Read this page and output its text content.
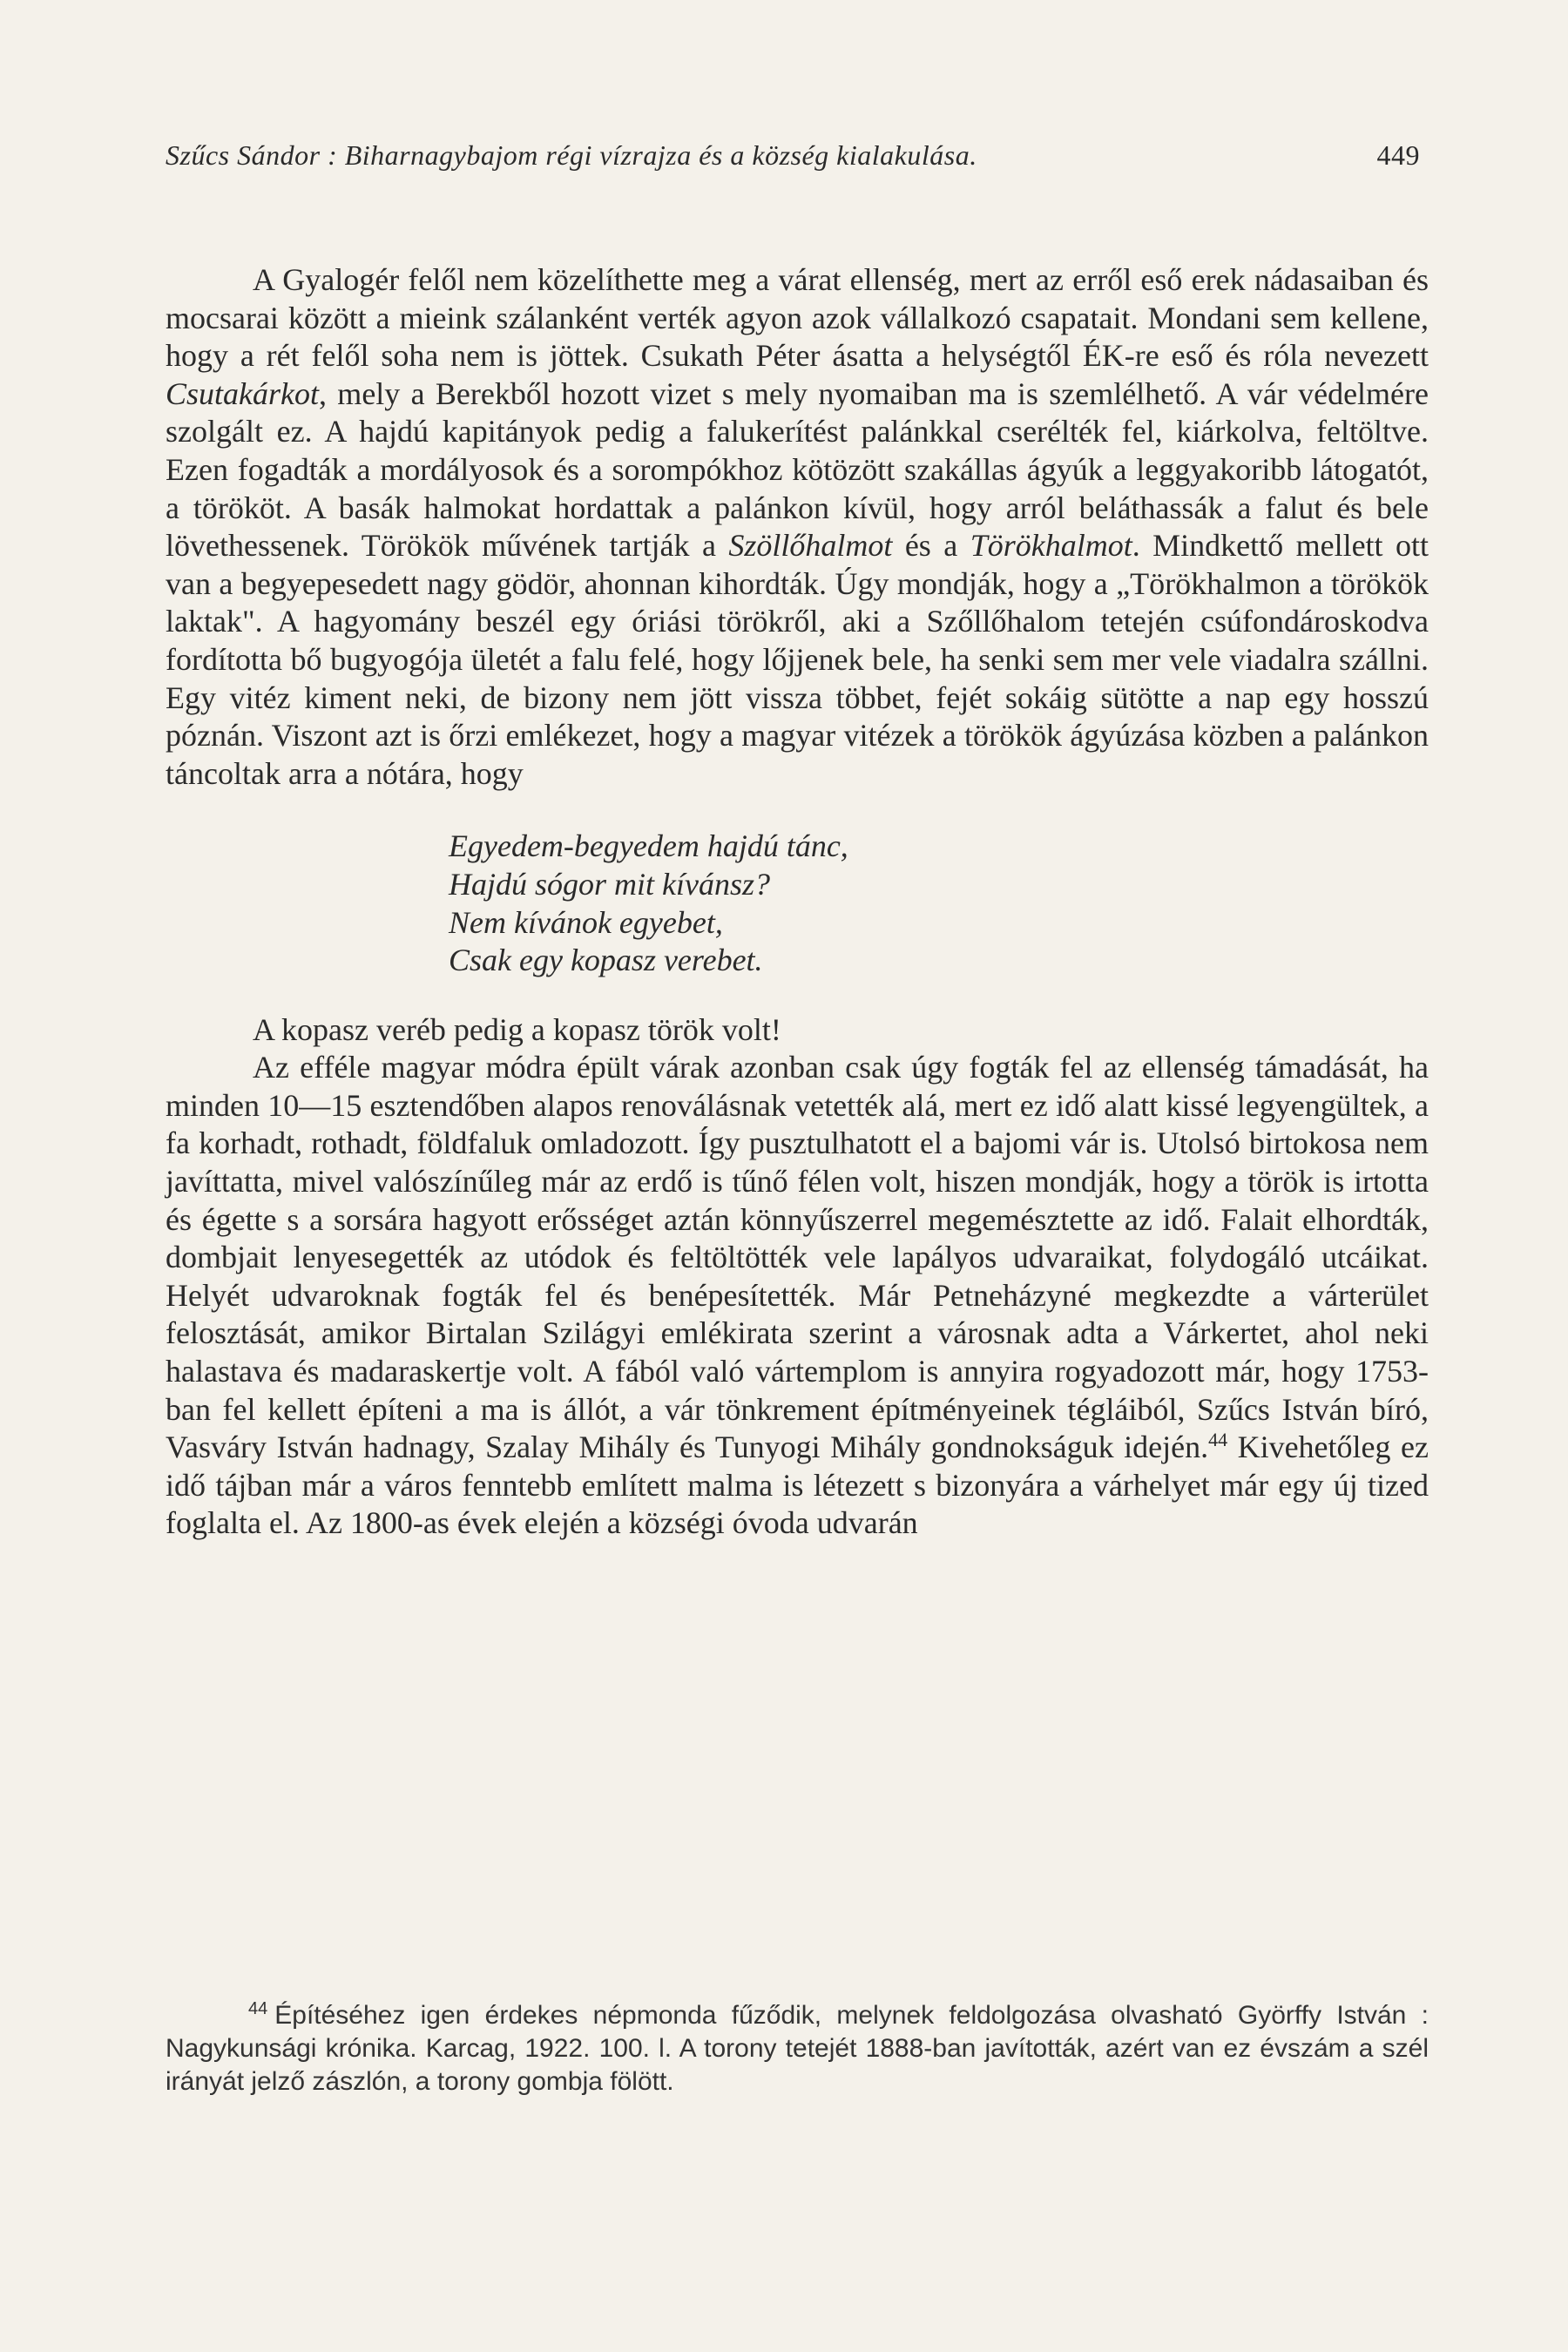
Szűcs Sándor : Biharnagybajom régi vízrajza és a község kialakulása.	449

A Gyalogér felől nem közelíthette meg a várat ellenség, mert az erről eső erek nádasaiban és mocsarai között a mieink szálanként verték agyon azok vállalkozó csapatait. Mondani sem kellene, hogy a rét felől soha nem is jöttek. Csukath Péter ásatta a helységtől ÉK-re eső és róla nevezett Csutakárkot, mely a Berekből hozott vizet s mely nyomaiban ma is szemlélhető. A vár védelmére szolgált ez. A hajdú kapitányok pedig a falukerítést palánkkal cserélték fel, kiárkolva, feltöltve. Ezen fogadták a mordályosok és a sorompókhoz kötözött szakállas ágyúk a leggyakoribb látogatót, a törököt. A basák halmokat hordattak a palánkon kívül, hogy arról beláthassák a falut és bele lövethessenek. Törökök művének tartják a Szöllőhalmot és a Törökhalmot. Mindkettő mellett ott van a begyepesedett nagy gödör, ahonnan kihordták. Úgy mondják, hogy a „Törökhalmon a törökök laktak". A hagyomány beszél egy óriási törökről, aki a Szőllőhalom tetején csúfondároskodva fordította bő bugyogója ületét a falu felé, hogy lőjjenek bele, ha senki sem mer vele viadalra szállni. Egy vitéz kiment neki, de bizony nem jött vissza többet, fejét sokáig sütötte a nap egy hosszú póznán. Viszont azt is őrzi emlékezet, hogy a magyar vitézek a törökök ágyúzása közben a palánkon táncoltak arra a nótára, hogy

Egyedem-begyedem hajdú tánc,
Hajdú sógor mit kívánsz?
Nem kívánok egyebet,
Csak egy kopasz verebet.

A kopasz veréb pedig a kopasz török volt!

Az efféle magyar módra épült várak azonban csak úgy fogták fel az ellenség támadását, ha minden 10—15 esztendőben alapos renoválásnak vetették alá, mert ez idő alatt kissé legyengültek, a fa korhadt, rothadt, földfaluk omladozott. Így pusztulhatott el a bajomi vár is. Utolsó birtokosa nem javíttatta, mivel valószínűleg már az erdő is tűnő félen volt, hiszen mondják, hogy a török is irtotta és égette s a sorsára hagyott erősséget aztán könnyűszerrel megemésztette az idő. Falait elhordták, dombjait lenyesegették az utódok és feltöltötték vele lapályos udvaraikat, folydogáló utcáikat. Helyét udvaroknak fogták fel és benépesítették. Már Petneházyné megkezdte a várterület felosztását, amikor Birtalan Szilágyi emlékirata szerint a városnak adta a Várkertet, ahol neki halastava és madaraskertje volt. A fából való vártemplom is annyira rogyadozott már, hogy 1753-ban fel kellett építeni a ma is állót, a vár tönkrement építményeinek tégláiból, Szűcs István bíró, Vasváry István hadnagy, Szalay Mihály és Tunyogi Mihály gondnokságuk idején.$^{44}$ Kivehetőleg ez idő tájban már a város fenntebb említett malma is létezett s bizonyára a várhelyet már egy új tized foglalta el. Az 1800-as évek elején a községi óvoda udvarán

$^{44}$ Építéséhez igen érdekes népmonda fűződik, melynek feldolgozása olvasható Györffy István : Nagykunsági krónika. Karcag, 1922. 100. l. A torony tetejét 1888-ban javították, azért van ez évszám a szél irányát jelző zászlón, a torony gombja fölött.
